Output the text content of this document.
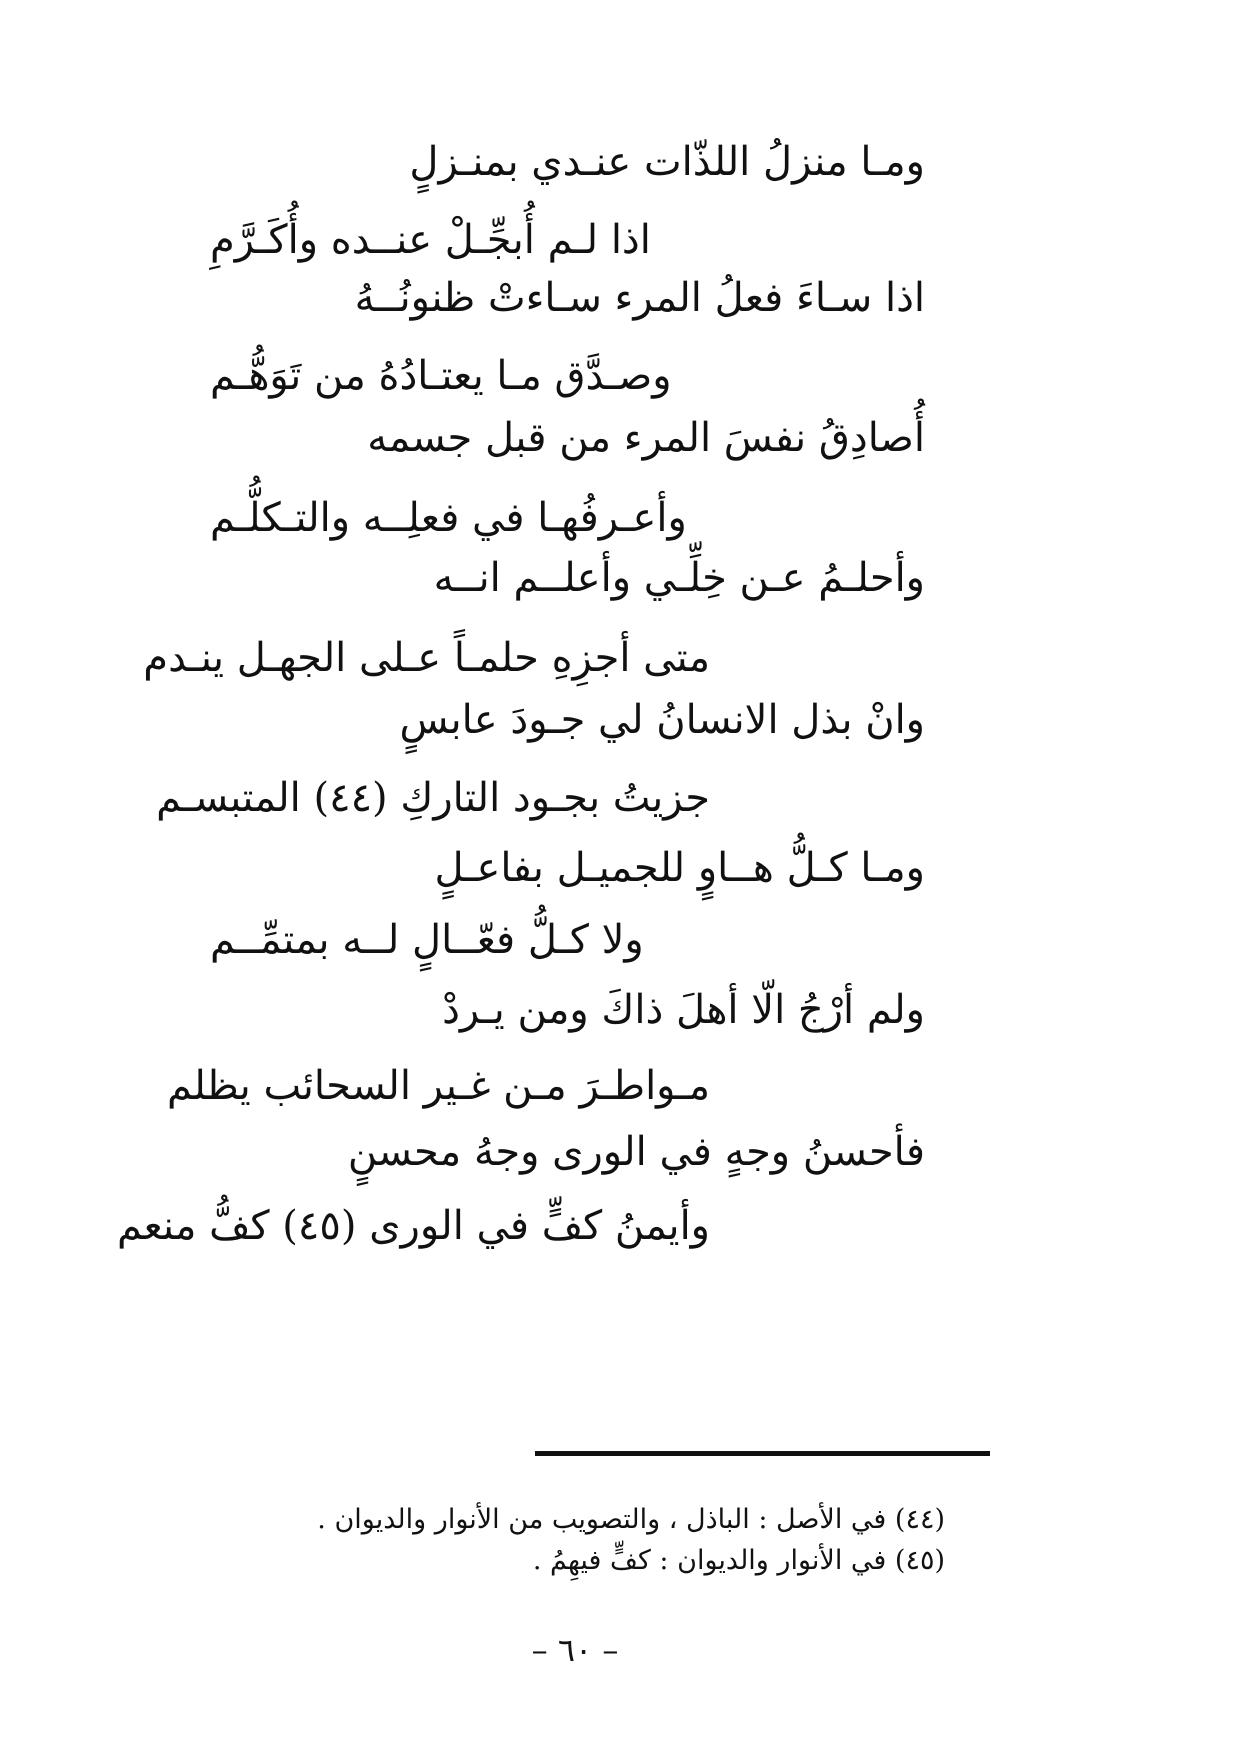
ومـا منزلُ اللذّات عنـدي بمنـزلٍ
اذا لـم أُبجِّـلْ عنــده وأُكَـرَّمِ
اذا سـاءَ فعلُ المرء سـاءتْ ظنونُــهُ
وصـدَّق مـا يعتـادُهُ من تَوَهُّـم
أُصادِقُ نفسَ المرء من قبل جسمه
وأعـرفُهـا في فعلِــه والتـكلُّـم
وأحلـمُ عـن خِلِّـي وأعلــم انــه
متى أجزِهِ حلمـاً عـلى الجهـل ينـدم
وانْ بذل الانسانُ لي جـودَ عابسٍ
جزيتُ بجـود التاركِ (٤٤) المتبسـم
ومـا كـلُّ هــاوٍ للجميـل بفاعـلٍ
ولا كـلُّ فعّــالٍ لــه بمتمِّــم
ولم أرْجُ الّا أهلَ ذاكَ ومن يـردْ
مـواطـرَ مـن غـير السحائب يظلم
فأحسنُ وجهٍ في الورى وجهُ محسنٍ
وأيمنُ كفٍّ في الورى (٤٥) كفُّ منعم
(٤٤) في الأصل : الباذل ، والتصويب من الأنوار والديوان .
(٤٥) في الأنوار والديوان : كفٍّ فيهِمُ .
– ٦٠ –
